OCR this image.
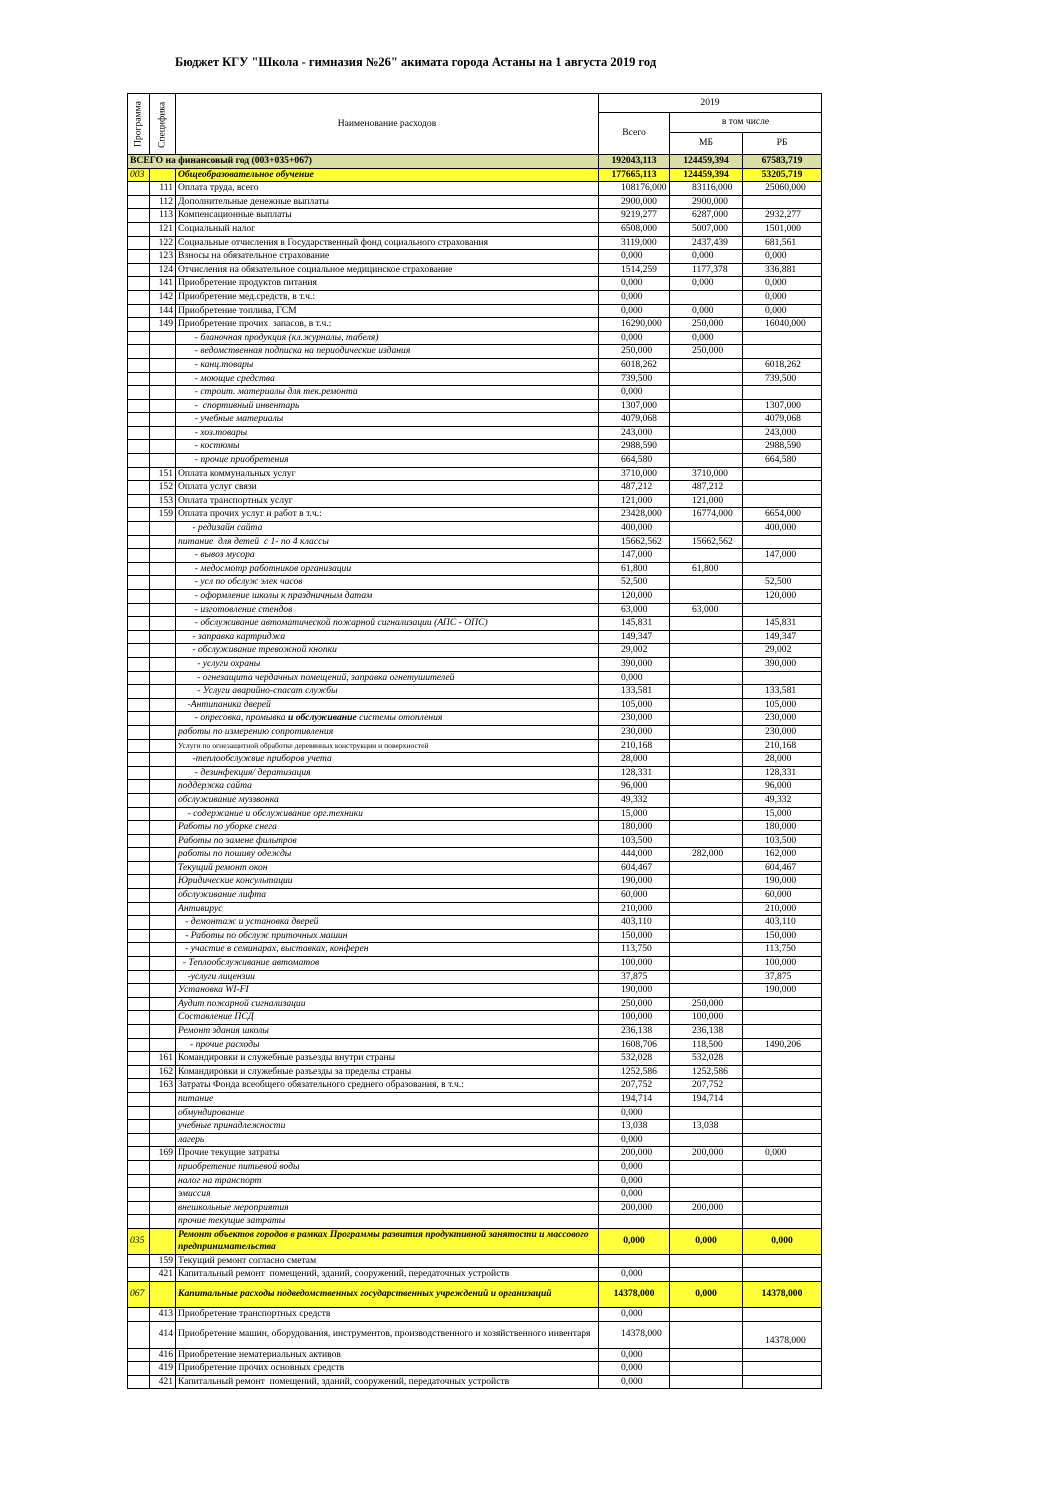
Бюджет КГУ "Школа - гимназия №26" акимата города Астаны на 1 августа 2019 год
Программа	Специфика	Наименование расходов	2019		
			Всего	в том числе	
				МБ	РБ
ВСЕГО на финансовый год (003+035+067)			192043,113	124459,394	67583,719
003		Общеобразовательное обучение	177665,113	124459,394	53205,719
	111	Оплата труда, всего	108176,000	83116,000	25060,000
	112	Дополнительные денежные выплаты	2900,000	2900,000	
	113	Компенсационные выплаты	9219,277	6287,000	2932,277
	121	Социальный налог	6508,000	5007,000	1501,000
	122	Социальные отчисления в Государственный фонд социального страхования	3119,000	2437,439	681,561
	123	Взносы на обязательное страхование	0,000	0,000	0,000
	124	Отчисления на обязательное социальное медицинское страхование	1514,259	1177,378	336,881
	141	Приобретение продуктов питания	0,000	0,000	0,000
	142	Приобретение мед.средств, в т.ч.:	0,000		0,000
	144	Приобретение топлива, ГСМ	0,000	0,000	0,000
	149	Приобретение прочих  запасов, в т.ч.:	16290,000	250,000	16040,000
		- бланочная продукция (кл.журналы, табеля)	0,000	0,000	
		- ведомственная подписка на периодические издания	250,000	250,000	
		- канц.товары	6018,262		6018,262
		- моющие средства	739,500		739,500
		- строит. материалы для тек.ремонта	0,000		
		-  спортивный инвентарь	1307,000		1307,000
		- учебные материалы	4079,068		4079,068
		- хоз.товары	243,000		243,000
		- костюмы	2988,590		2988,590
		- прочие приобретения	664,580		664,580
	151	Оплата коммунальных услуг	3710,000	3710,000	
	152	Оплата услуг связи	487,212	487,212	
	153	Оплата транспортных услуг	121,000	121,000	
	159	Оплата прочих услуг и работ в т.ч.:	23428,000	16774,000	6654,000
		- редизайн сайта	400,000		400,000
		питание  для детей  с 1- по 4 классы	15662,562	15662,562	
		- вывоз мусора	147,000		147,000
		- медосмотр работников организации	61,800	61,800	
		- усл по обслуж элек часов	52,500		52,500
		- оформление школы к праздничным датам	120,000		120,000
		- изготовление стендов	63,000	63,000	
		- обслуживание автоматической пожарной сигнализации (АПС - ОПС)	145,831		145,831
		- заправка картриджа	149,347		149,347
		- обслуживание тревожной кнопки	29,002		29,002
		- услуги охраны	390,000		390,000
		- огнезащита чердачных помещений, заправка огнетушителей	0,000		
		- Услуги аварийно-спасат службы	133,581		133,581
		-Антипаника дверей	105,000		105,000
		- опресовка, промывка и обслуживание системы отопления	230,000		230,000
		работы по измерению сопротивления	230,000		230,000
		Услуги по огнезащитной обработке деревянных конструкции и поверхностей	210,168		210,168
		-теплообслужвие приборов учета	28,000		28,000
		- дезинфекция/ дератизация	128,331		128,331
		поддержка сайта	96,000		96,000
		обслуживание муззвонка	49,332		49,332
		- содержание и обслуживание орг.техники	15,000		15,000
		Работы по уборке снега	180,000		180,000
		Работы по замене фильтров	103,500		103,500
		работы по пошиву одежды	444,000	282,000	162,000
		Текущий ремонт окон	604,467		604,467
		Юридические консультации	190,000		190,000
		обслуживание лифта	60,000		60,000
		Антивирус	210,000		210,000
		- демонтаж и установка дверей	403,110		403,110
		- Работы по обслуж приточных машин	150,000		150,000
		- участие в семинарах, выставках, конферен	113,750		113,750
		- Теплообслуживание автоматов	100,000		100,000
		-услуги лицензии	37,875		37,875
		Установка WI-FI	190,000		190,000
		Аудит пожарной сигнализации	250,000	250,000	
		Составление ПСД	100,000	100,000	
		Ремонт здания школы	236,138	236,138	
		- прочие расходы	1608,706	118,500	1490,206
	161	Командировки и служебные разъезды внутри страны	532,028	532,028	
	162	Командировки и служебные разъезды за пределы страны	1252,586	1252,586	
	163	Затраты Фонда всеобщего обязательного среднего образования, в т.ч.:	207,752	207,752	
		питание	194,714	194,714	
		обмундирование	0,000		
		учебные принадлежности	13,038	13,038	
		лагерь	0,000		
	169	Прочие текущие затраты	200,000	200,000	0,000
		приобретение питьевой воды	0,000		
		налог на транспорт	0,000		
		эмиссия	0,000		
		внешкольные мероприятия	200,000	200,000	
		прочие текущие затраты			
035		Ремонт объектов городов в рамках Программы развития продуктивной занятости и массового предпринимательства	0,000	0,000	0,000
	159	Текущий ремонт согласно сметам			
	421	Капитальный ремонт  помещений, зданий, сооружений, передаточных устройств	0,000		
067		Капитальные расходы подведомственных государственных учреждений и организаций	14378,000	0,000	14378,000
	413	Приобретение транспортных средств	0,000		
	414	Приобретение машин, оборудования, инструментов, производственного и хозяйственного инвентаря	14378,000		14378,000
	416	Приобретение нематериальных активов	0,000		
	419	Приобретение прочих основных средств	0,000		
	421	Капитальный ремонт  помещений, зданий, сооружений, передаточных устройств	0,000		
